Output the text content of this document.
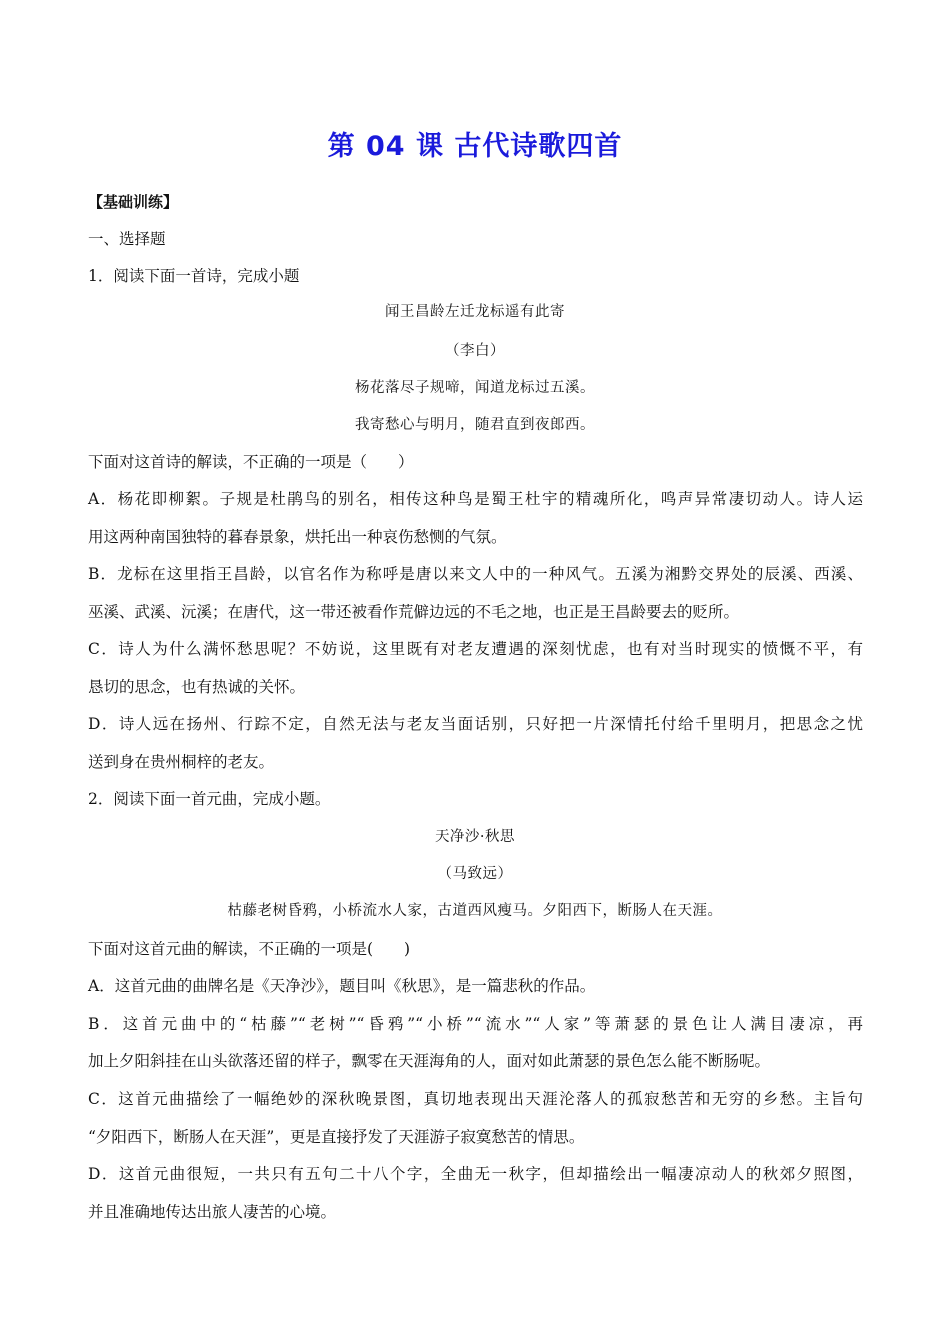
第 04 课 古代诗歌四首
【基础训练】
一、选择题
1．阅读下面一首诗，完成小题
闻王昌龄左迁龙标遥有此寄
（李白）
杨花落尽子规啼，闻道龙标过五溪。
我寄愁心与明月，随君直到夜郎西。
下面对这首诗的解读，不正确的一项是（　　）
A．杨花即柳絮。子规是杜鹃鸟的别名，相传这种鸟是蜀王杜宇的精魂所化，鸣声异常凄切动人。诗人运
用这两种南国独特的暮春景象，烘托出一种哀伤愁恻的气氛。
B．龙标在这里指王昌龄，以官名作为称呼是唐以来文人中的一种风气。五溪为湘黔交界处的辰溪、西溪、
巫溪、武溪、沅溪；在唐代，这一带还被看作荒僻边远的不毛之地，也正是王昌龄要去的贬所。
C．诗人为什么满怀愁思呢？不妨说，这里既有对老友遭遇的深刻忧虑，也有对当时现实的愤慨不平，有
恳切的思念，也有热诚的关怀。
D．诗人远在扬州、行踪不定，自然无法与老友当面话别，只好把一片深情托付给千里明月，把思念之忧
送到身在贵州桐梓的老友。
2．阅读下面一首元曲，完成小题。
天净沙·秋思
（马致远）
枯藤老树昏鸦，小桥流水人家，古道西风瘦马。夕阳西下，断肠人在天涯。
下面对这首元曲的解读，不正确的一项是(　　)
A．这首元曲的曲牌名是《天净沙》，题目叫《秋思》，是一篇悲秋的作品。
B．这首元曲中的“枯藤”“老树”“昏鸦”“小桥”“流水”“人家”等萧瑟的景色让人满目凄凉，再
加上夕阳斜挂在山头欲落还留的样子，飘零在天涯海角的人，面对如此萧瑟的景色怎么能不断肠呢。
C．这首元曲描绘了一幅绝妙的深秋晚景图，真切地表现出天涯沦落人的孤寂愁苦和无穷的乡愁。主旨句
“夕阳西下，断肠人在天涯”，更是直接抒发了天涯游子寂寞愁苦的情思。
D．这首元曲很短，一共只有五句二十八个字，全曲无一秋字，但却描绘出一幅凄凉动人的秋郊夕照图，
并且准确地传达出旅人凄苦的心境。
